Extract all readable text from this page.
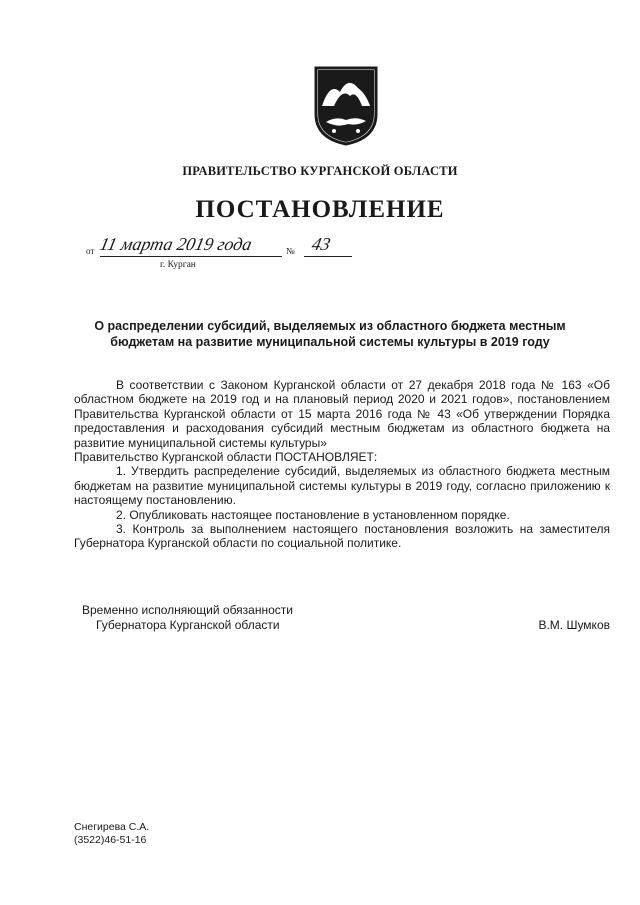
ПРАВИТЕЛЬСТВО КУРГАНСКОЙ ОБЛАСТИ
ПОСТАНОВЛЕНИЕ
от 11 марта 2019 года	№ 43
г. Курган
О распределении субсидий, выделяемых из областного бюджета местным
бюджетам на развитие муниципальной системы культуры в 2019 году

В соответствии с Законом Курганской области от 27 декабря 2018 года № 163 «Об областном бюджете на 2019 год и на плановый период 2020 и 2021 годов», постановлением Правительства Курганской области от 15 марта 2016 года № 43 «Об утверждении Порядка предоставления и расходования субсидий местным бюджетам из областного бюджета на развитие муниципальной системы культуры»

Правительство Курганской области ПОСТАНОВЛЯЕТ:

1. Утвердить распределение субсидий, выделяемых из областного бюджета местным бюджетам на развитие муниципальной системы культуры в 2019 году, согласно приложению к настоящему постановлению.

2. Опубликовать настоящее постановление в установленном порядке.

3. Контроль за выполнением настоящего постановления возложить на заместителя Губернатора Курганской области по социальной политике.

Временно исполняющий обязанности
Губернатора Курганской области	В.М. Шумков
Снегирева С.А.
(3522)46-51-16
